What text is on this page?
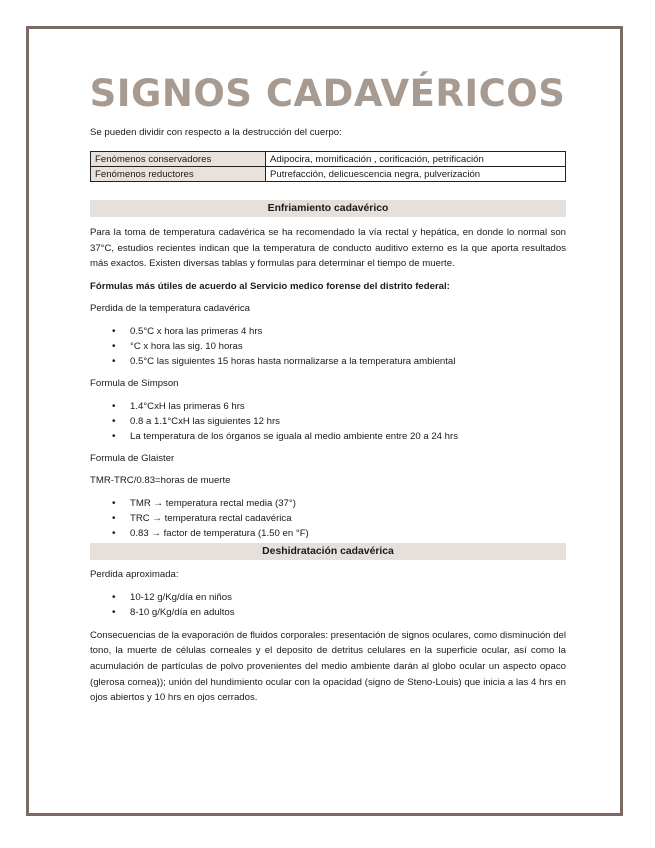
SIGNOS CADAVÉRICOS

Se pueden dividir con respecto a la destrucción del cuerpo:

Fenómenos conservadores	Adipocira, momificación , corificación, petrificación
Fenómenos reductores	Putrefacción, delicuescencia negra, pulverización
Enfriamiento cadavérico

Para la toma de temperatura cadavérica se ha recomendado la vía rectal y hepática, en donde lo normal son 37°C, estudios recientes indican que la temperatura de conducto auditivo externo es la que aporta resultados más exactos. Existen diversas tablas y formulas para determinar el tiempo de muerte.

Fórmulas más útiles de acuerdo al Servicio medico forense del distrito federal:

Perdida de la temperatura cadavérica

• 0.5°C x hora las primeras 4 hrs
• °C x hora las sig. 10 horas
• 0.5°C las siguientes 15 horas hasta normalizarse a la temperatura ambiental

Formula de Simpson

• 1.4°CxH las primeras 6 hrs
• 0.8 a 1.1°CxH las siguientes 12 hrs
• La temperatura de los órganos se iguala al medio ambiente entre 20 a 24 hrs

Formula de Glaister

TMR-TRC/0.83=horas de muerte

• TMR → temperatura rectal media (37°)
• TRC → temperatura rectal cadavérica
• 0.83 → factor de temperatura (1.50 en °F)
Deshidratación cadavérica

Perdida aproximada:

• 10-12 g/Kg/día en niños
• 8-10 g/Kg/día en adultos

Consecuencias de la evaporación de fluidos corporales: presentación de signos oculares, como disminución del tono, la muerte de células corneales y el deposito de detritus celulares en la superficie ocular, así como la acumulación de partículas de polvo provenientes del medio ambiente darán al globo ocular un aspecto opaco (glerosa cornea)); unión del hundimiento ocular con la opacidad (signo de Steno-Louis) que inicia a las 4 hrs en ojos abiertos y 10 hrs en ojos cerrados.
